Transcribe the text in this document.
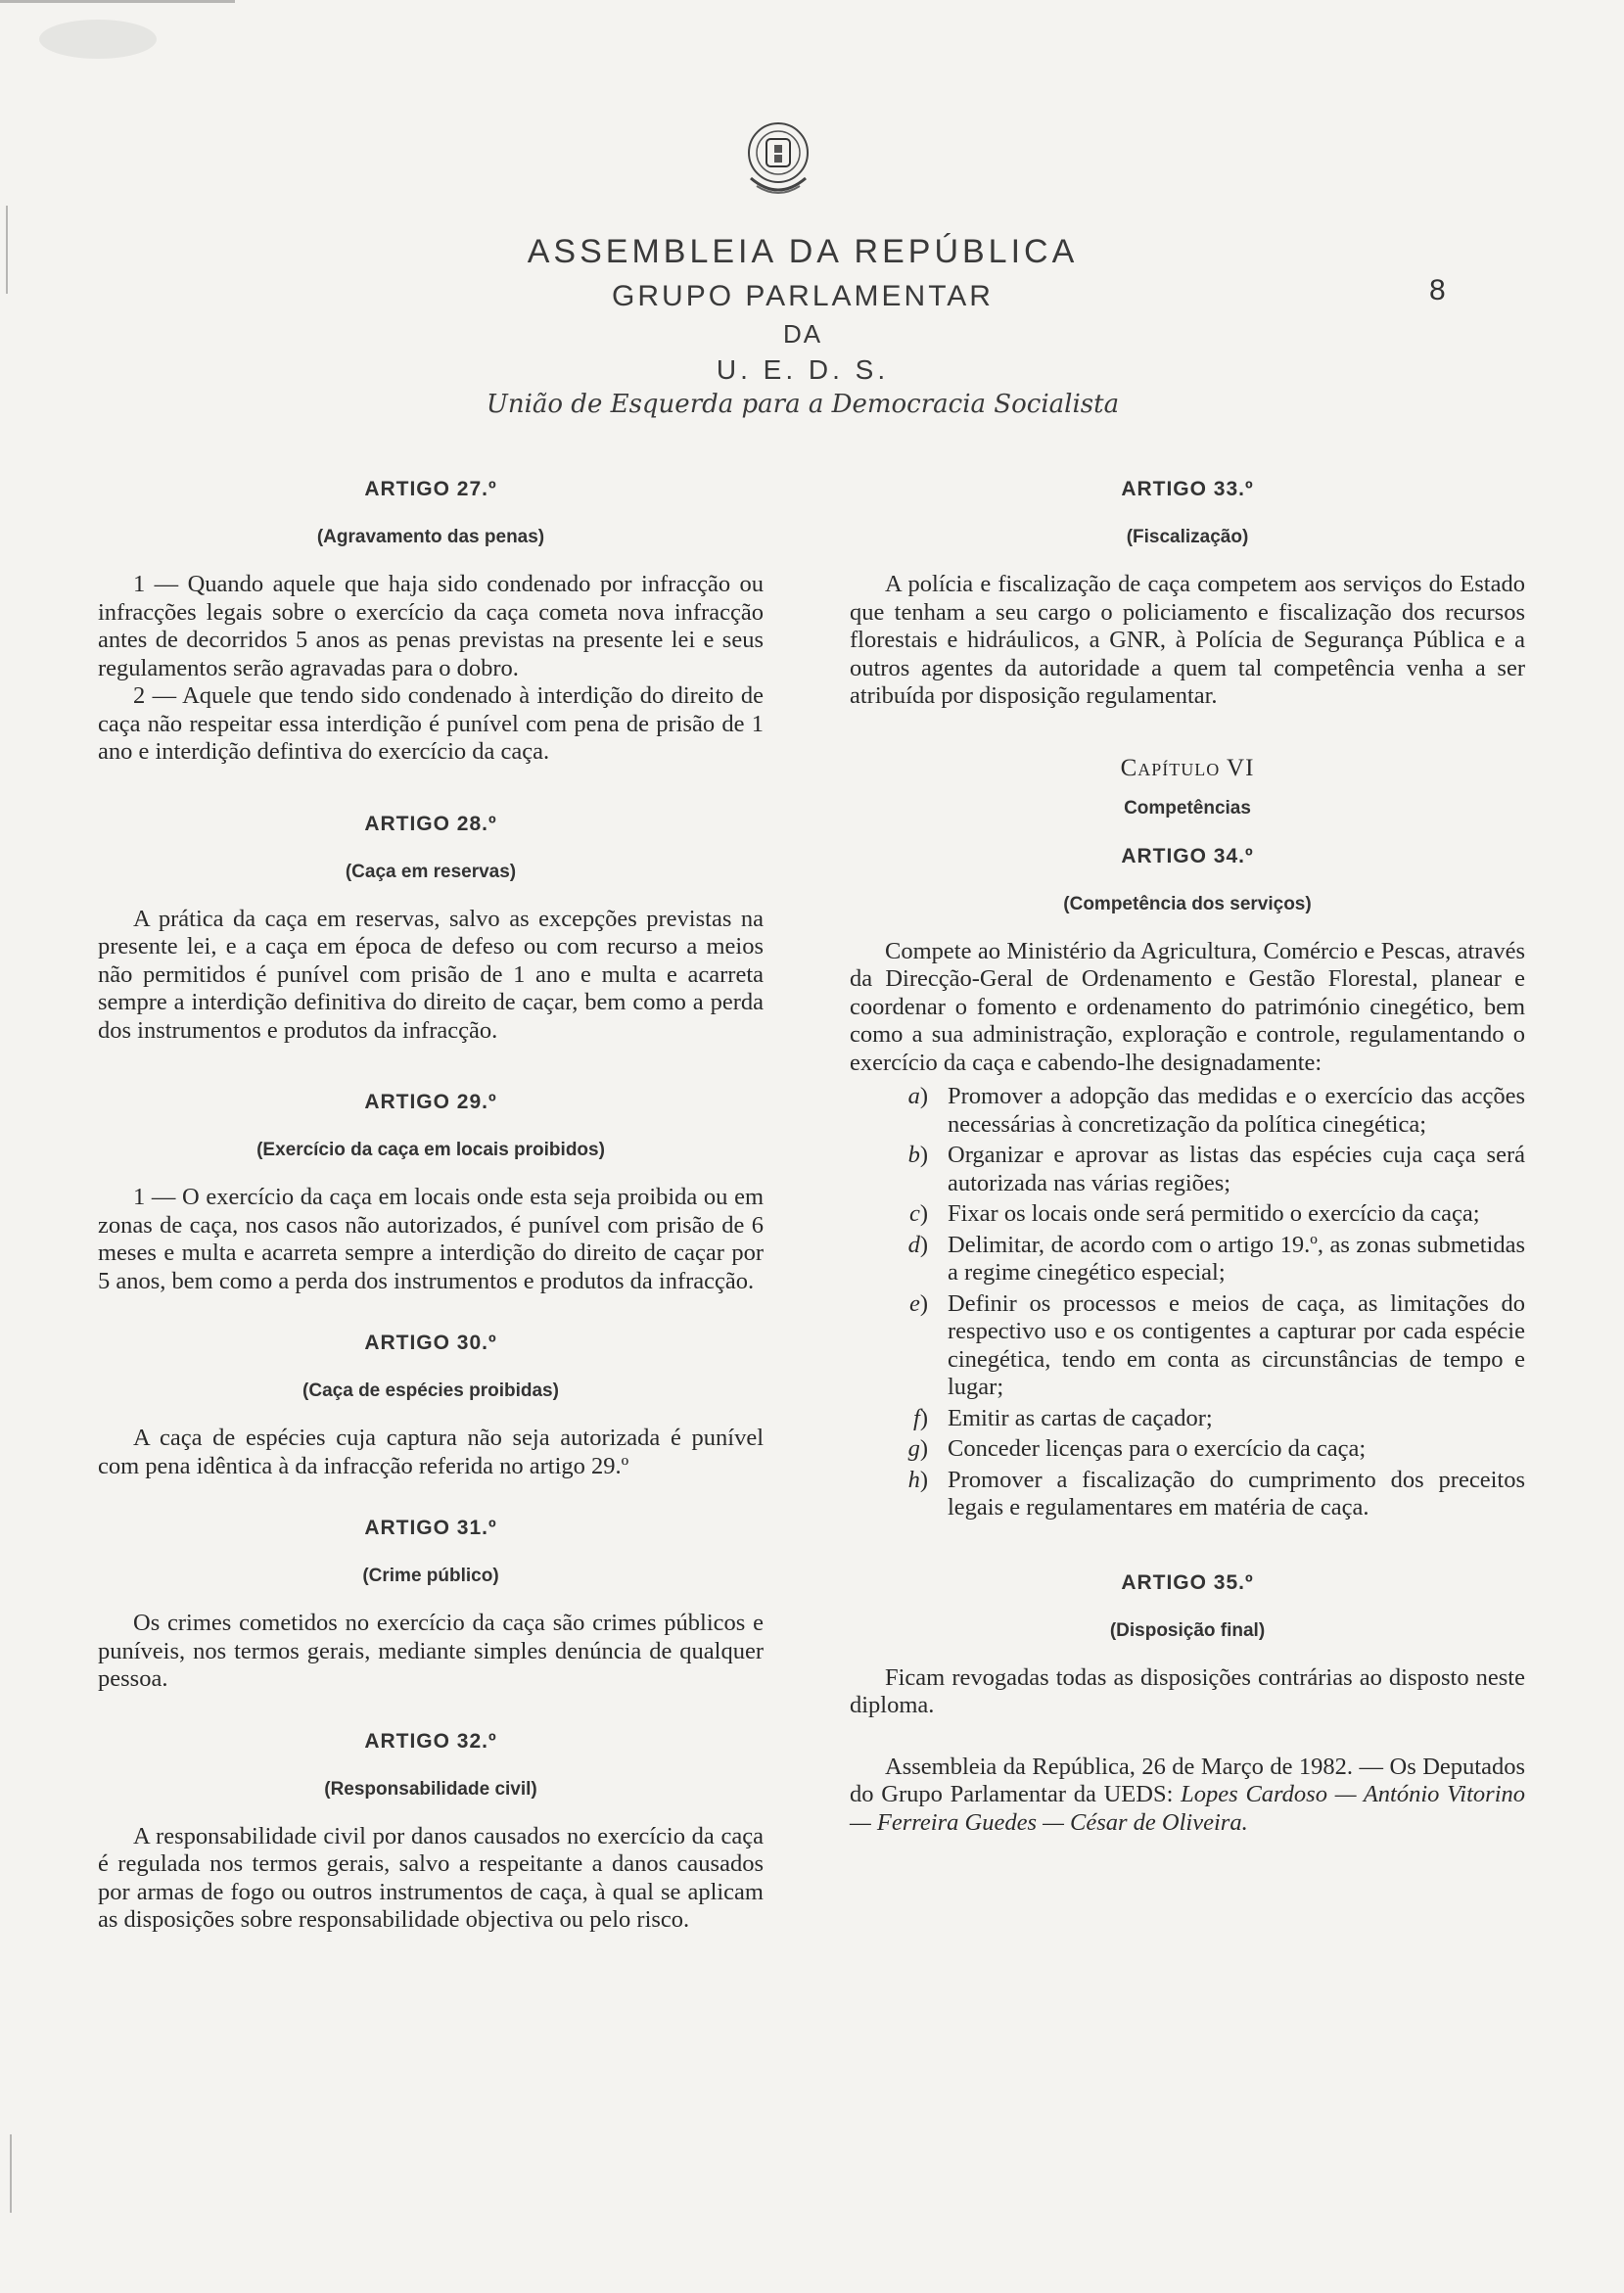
ASSEMBLEIA DA REPÚBLICA
GRUPO PARLAMENTAR
DA
U. E. D. S.
União de Esquerda para a Democracia Socialista
8
ARTIGO 27.º
(Agravamento das penas)

1 — Quando aquele que haja sido condenado por infracção ou infracções legais sobre o exercício da caça cometa nova infracção antes de decorridos 5 anos as penas previstas na presente lei e seus regulamentos serão agravadas para o dobro.

2 — Aquele que tendo sido condenado à interdição do direito de caça não respeitar essa interdição é punível com pena de prisão de 1 ano e interdição defintiva do exercício da caça.

ARTIGO 28.º
(Caça em reservas)

A prática da caça em reservas, salvo as excepções previstas na presente lei, e a caça em época de defeso ou com recurso a meios não permitidos é punível com prisão de 1 ano e multa e acarreta sempre a interdição definitiva do direito de caçar, bem como a perda dos instrumentos e produtos da infracção.

ARTIGO 29.º
(Exercício da caça em locais proibidos)

1 — O exercício da caça em locais onde esta seja proibida ou em zonas de caça, nos casos não autorizados, é punível com prisão de 6 meses e multa e acarreta sempre a interdição do direito de caçar por 5 anos, bem como a perda dos instrumentos e produtos da infracção.

ARTIGO 30.º
(Caça de espécies proibidas)

A caça de espécies cuja captura não seja autorizada é punível com pena idêntica à da infracção referida no artigo 29.º

ARTIGO 31.º
(Crime público)

Os crimes cometidos no exercício da caça são crimes públicos e puníveis, nos termos gerais, mediante simples denúncia de qualquer pessoa.

ARTIGO 32.º
(Responsabilidade civil)

A responsabilidade civil por danos causados no exercício da caça é regulada nos termos gerais, salvo a respeitante a danos causados por armas de fogo ou outros instrumentos de caça, à qual se aplicam as disposições sobre responsabilidade objectiva ou pelo risco.

ARTIGO 33.º
(Fiscalização)

A polícia e fiscalização de caça competem aos serviços do Estado que tenham a seu cargo o policiamento e fiscalização dos recursos florestais e hidráulicos, a GNR, à Polícia de Segurança Pública e a outros agentes da autoridade a quem tal competência venha a ser atribuída por disposição regulamentar.

Capítulo VI
Competências
ARTIGO 34.º
(Competência dos serviços)

Compete ao Ministério da Agricultura, Comércio e Pescas, através da Direcção-Geral de Ordenamento e Gestão Florestal, planear e coordenar o fomento e ordenamento do património cinegético, bem como a sua administração, exploração e controle, regulamentando o exercício da caça e cabendo-lhe designadamente:

a )	Promover a adopção das medidas e o exercício das acções necessárias à concretização da política cinegética;
b )	Organizar e aprovar as listas das espécies cuja caça será autorizada nas várias regiões;
c )	Fixar os locais onde será permitido o exercício da caça;
d )	Delimitar, de acordo com o artigo 19.º, as zonas submetidas a regime cinegético especial;
e )	Definir os processos e meios de caça, as limitações do respectivo uso e os contigentes a capturar por cada espécie cinegética, tendo em conta as circunstâncias de tempo e lugar;
f )	Emitir as cartas de caçador;
g )	Conceder licenças para o exercício da caça;
h )	Promover a fiscalização do cumprimento dos preceitos legais e regulamentares em matéria de caça.
ARTIGO 35.º
(Disposição final)

Ficam revogadas todas as disposições contrárias ao disposto neste diploma.

Assembleia da República, 26 de Março de 1982. — Os Deputados do Grupo Parlamentar da UEDS: Lopes Cardoso — António Vitorino — Ferreira Guedes — César de Oliveira.
